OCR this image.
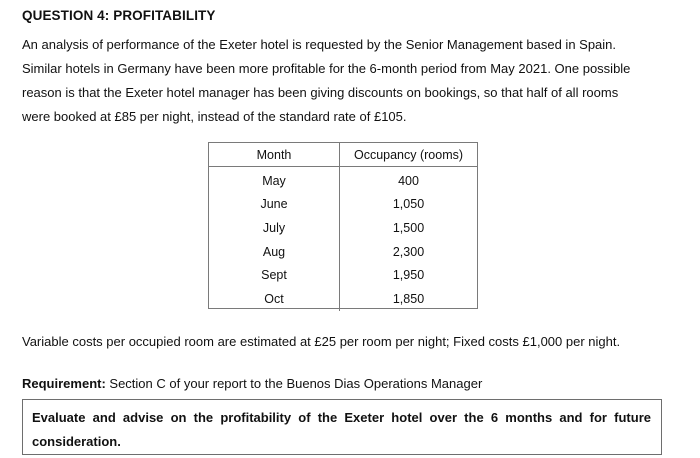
QUESTION 4: PROFITABILITY
An analysis of performance of the Exeter hotel is requested by the Senior Management based in Spain.
Similar hotels in Germany have been more profitable for the 6-month period from May 2021. One possible
reason is that the Exeter hotel manager has been giving discounts on bookings, so that half of all rooms
were booked at £85 per night, instead of the standard rate of £105.
Month	Occupancy (rooms)
May	400
June	1,050
July	1,500
Aug	2,300
Sept	1,950
Oct	1,850
Variable costs per occupied room are estimated at £25 per room per night; Fixed costs £1,000 per night.
Requirement: Section C of your report to the Buenos Dias Operations Manager
Evaluate and advise on the profitability of the Exeter hotel over the 6 months and for future
consideration.
